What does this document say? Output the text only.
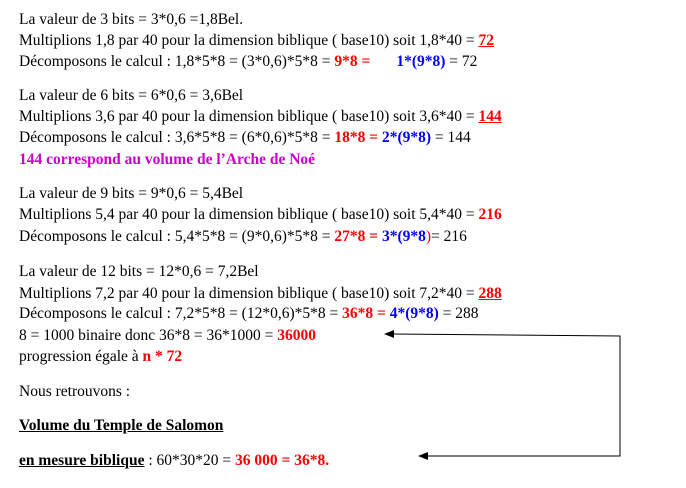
La valeur de 3 bits = 3*0,6 =1,8Bel.
Multiplions 1,8 par 40 pour la dimension biblique ( base10) soit 1,8*40 = 72
Décomposons le calcul : 1,8*5*8 = (3*0,6)*5*8 = 9*8 = 1*(9*8) = 72
La valeur de 6 bits = 6*0,6 = 3,6Bel
Multiplions 3,6 par 40 pour la dimension biblique ( base10) soit 3,6*40 = 144
Décomposons le calcul : 3,6*5*8 = (6*0,6)*5*8 = 18*8 = 2*(9*8) = 144
144 correspond au volume de l’Arche de Noé
La valeur de 9 bits = 9*0,6 = 5,4Bel
Multiplions 5,4 par 40 pour la dimension biblique ( base10) soit 5,4*40 = 216
Décomposons le calcul : 5,4*5*8 = (9*0,6)*5*8 = 27*8 = 3*(9*8)= 216
La valeur de 12 bits = 12*0,6 = 7,2Bel
Multiplions 7,2 par 40 pour la dimension biblique ( base10) soit 7,2*40 = 288
Décomposons le calcul : 7,2*5*8 = (12*0,6)*5*8 = 36*8 = 4*(9*8) = 288
8 = 1000 binaire donc 36*8 = 36*1000 = 36000
progression égale à n * 72
Nous retrouvons :
Volume du Temple de Salomon
en mesure biblique : 60*30*20 = 36 000 = 36*8.
